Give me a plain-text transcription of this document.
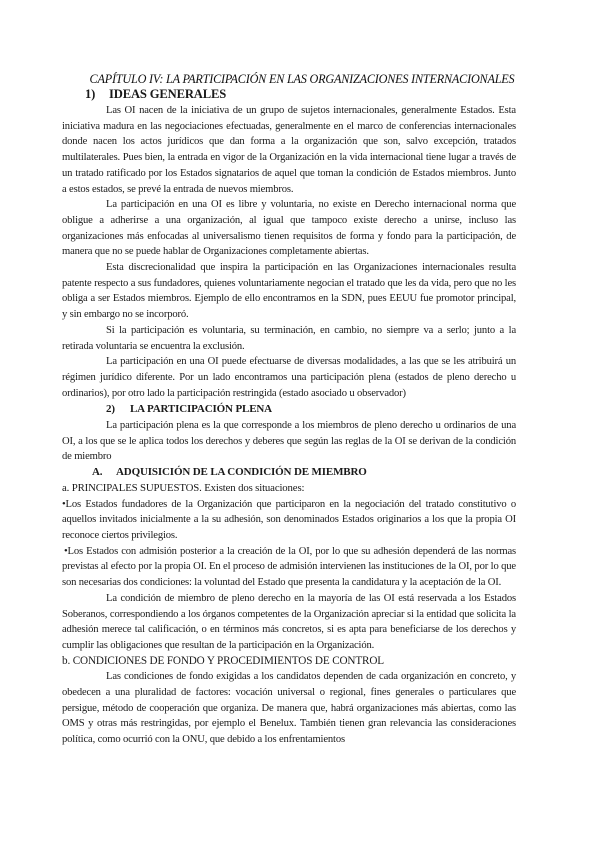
CAPÍTULO IV: LA PARTICIPACIÓN EN LAS ORGANIZACIONES INTERNACIONALES
1) IDEAS GENERALES

Las OI nacen de la iniciativa de un grupo de sujetos internacionales, generalmente Estados. Esta iniciativa madura en las negociaciones efectuadas, generalmente en el marco de conferencias internacionales donde nacen los actos jurídicos que dan forma a la organización que son, salvo excepción, tratados multilaterales. Pues bien, la entrada en vigor de la Organización en la vida internacional tiene lugar a través de un tratado ratificado por los Estados signatarios de aquel que toman la condición de Estados miembros. Junto a estos estados, se prevé la entrada de nuevos miembros.

La participación en una OI es libre y voluntaria, no existe en Derecho internacional norma que obligue a adherirse a una organización, al igual que tampoco existe derecho a unirse, incluso las organizaciones más enfocadas al universalismo tienen requisitos de forma y fondo para la participación, de manera que no se puede hablar de Organizaciones completamente abiertas.

Esta discrecionalidad que inspira la participación en las Organizaciones internacionales resulta patente respecto a sus fundadores, quienes voluntariamente negocian el tratado que les da vida, pero que no les obliga a ser Estados miembros. Ejemplo de ello encontramos en la SDN, pues EEUU fue promotor principal, y sin embargo no se incorporó.

Si la participación es voluntaria, su terminación, en cambio, no siempre va a serlo; junto a la retirada voluntaria se encuentra la exclusión.

La participación en una OI puede efectuarse de diversas modalidades, a las que se les atribuirá un régimen jurídico diferente. Por un lado encontramos una participación plena (estados de pleno derecho u ordinarios), por otro lado la participación restringida (estado asociado u observador)

2) LA PARTICIPACIÓN PLENA

La participación plena es la que corresponde a los miembros de pleno derecho u ordinarios de una OI, a los que se le aplica todos los derechos y deberes que según las reglas de la OI se derivan de la condición de miembro

A. ADQUISICIÓN DE LA CONDICIÓN DE MIEMBRO

a. PRINCIPALES SUPUESTOS. Existen dos situaciones:

•Los Estados fundadores de la Organización que participaron en la negociación del tratado constitutivo o aquellos invitados inicialmente a la su adhesión, son denominados Estados originarios a los que la propia OI reconoce ciertos privilegios.

•Los Estados con admisión posterior a la creación de la OI, por lo que su adhesión dependerá de las normas previstas al efecto por la propia OI. En el proceso de admisión intervienen las instituciones de la OI, por lo que son necesarias dos condiciones: la voluntad del Estado que presenta la candidatura y la aceptación de la OI.

La condición de miembro de pleno derecho en la mayoría de las OI está reservada a los Estados Soberanos, correspondiendo a los órganos competentes de la Organización apreciar si la entidad que solicita la adhesión merece tal calificación, o en términos más concretos, si es apta para beneficiarse de los derechos y cumplir las obligaciones que resultan de la participación en la Organización.

b. CONDICIONES DE FONDO Y PROCEDIMIENTOS DE CONTROL

Las condiciones de fondo exigidas a los candidatos dependen de cada organización en concreto, y obedecen a una pluralidad de factores: vocación universal o regional, fines generales o particulares que persigue, método de cooperación que organiza. De manera que, habrá organizaciones más abiertas, como las OMS y otras más restringidas, por ejemplo el Benelux. También tienen gran relevancia las consideraciones política, como ocurrió con la ONU, que debido a los enfrentamientos
